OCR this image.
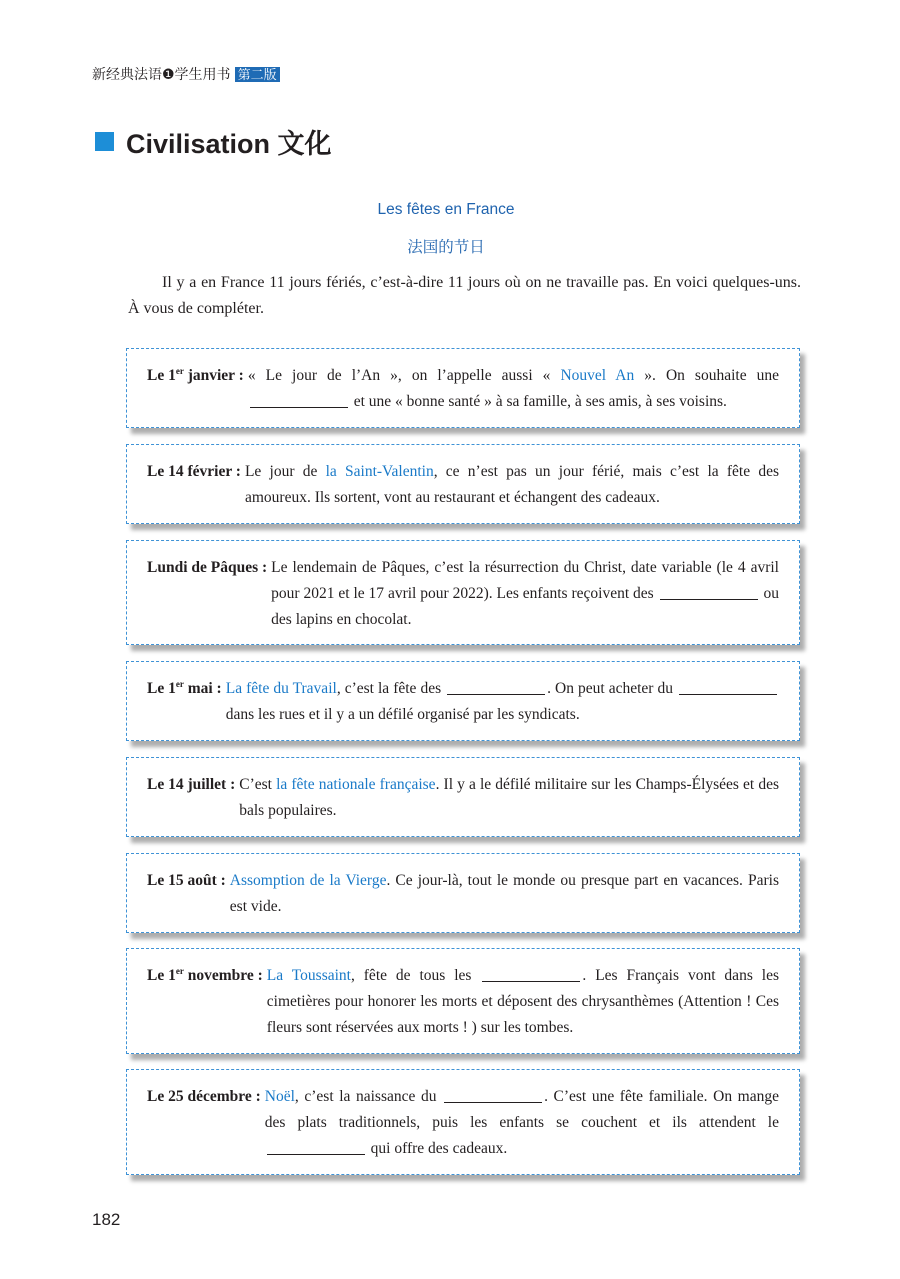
新经典法语❶学生用书 第二版
Civilisation 文化
Les fêtes en France
法国的节日

Il y a en France 11 jours fériés, c’est-à-dire 11 jours où on ne travaille pas. En voici quelques-uns. À vous de compléter.

Le 1er janvier : « Le jour de l’An », on l’appelle aussi « Nouvel An ». On souhaite une  et une « bonne santé » à sa famille, à ses amis, à ses voisins.
Le 14 février : Le jour de la Saint-Valentin, ce n’est pas un jour férié, mais c’est la fête des amoureux. Ils sortent, vont au restaurant et échangent des cadeaux.
Lundi de Pâques : Le lendemain de Pâques, c’est la résurrection du Christ, date variable (le 4 avril pour 2021 et le 17 avril pour 2022). Les enfants reçoivent des	ou des lapins en chocolat.
Le 1er mai : La fête du Travail, c’est la fête des	. On peut acheter du  dans les rues et il y a un défilé organisé par les syndicats.
Le 14 juillet : C’est la fête nationale française. Il y a le défilé militaire sur les Champs-Élysées et des bals populaires.
Le 15 août : Assomption de la Vierge. Ce jour-là, tout le monde ou presque part en vacances. Paris est vide.
Le 1er novembre : La Toussaint, fête de tous les	. Les Français vont dans les cimetières pour honorer les morts et déposent des chrysanthèmes (Attention ! Ces fleurs sont réservées aux morts ! ) sur les tombes.
Le 25 décembre : Noël, c’est la naissance du	. C’est une fête familiale. On mange des plats traditionnels, puis les enfants se couchent et ils attendent le  qui offre des cadeaux.
182
